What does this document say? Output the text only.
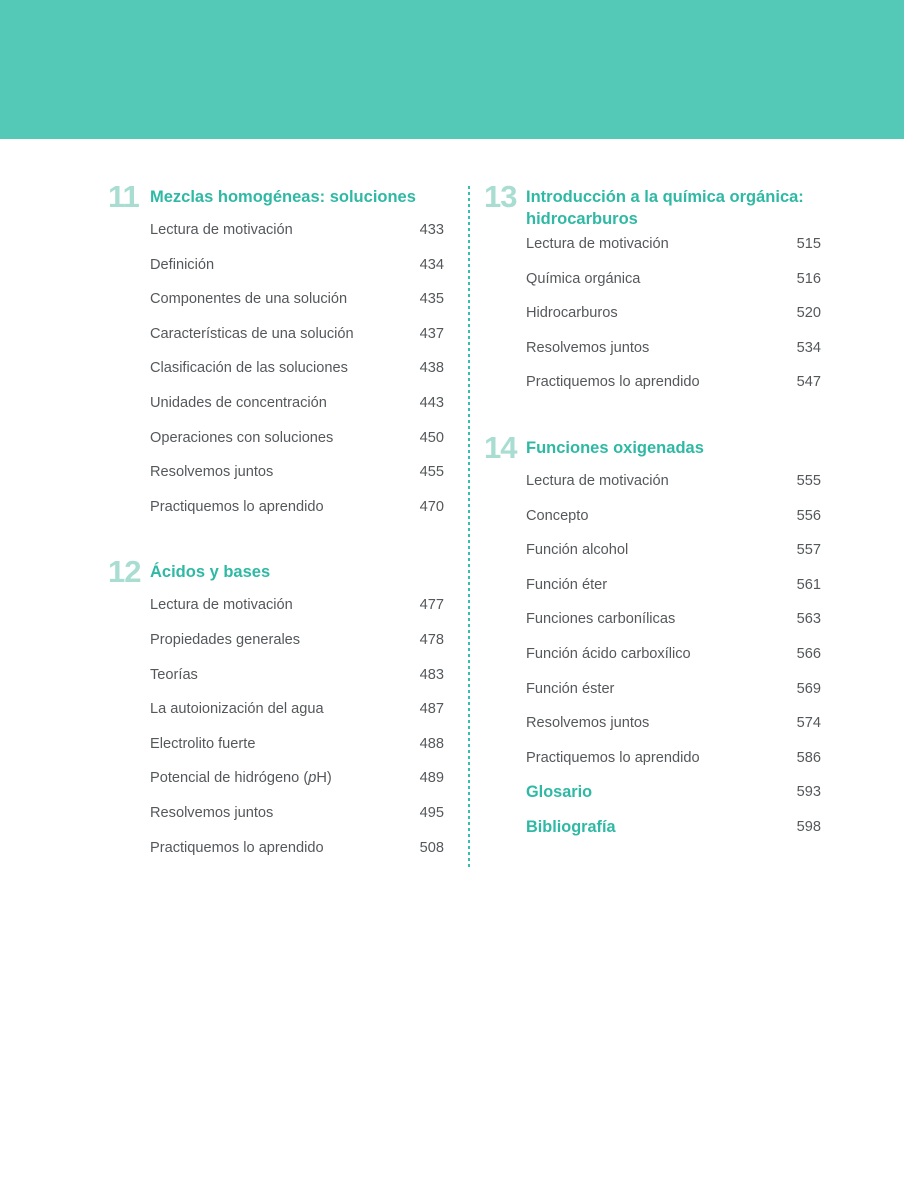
11 Mezclas homogéneas: soluciones
Lectura de motivación	433
Definición	434
Componentes de una solución	435
Características de una solución	437
Clasificación de las soluciones	438
Unidades de concentración	443
Operaciones con soluciones	450
Resolvemos juntos	455
Practiquemos lo aprendido	470
12 Ácidos y bases
Lectura de motivación	477
Propiedades generales	478
Teorías	483
La autoionización del agua	487
Electrolito fuerte	488
Potencial de hidrógeno (pH)	489
Resolvemos juntos	495
Practiquemos lo aprendido	508
13 Introducción a la química orgánica: hidrocarburos
Lectura de motivación	515
Química orgánica	516
Hidrocarburos	520
Resolvemos juntos	534
Practiquemos lo aprendido	547
14 Funciones oxigenadas
Lectura de motivación	555
Concepto	556
Función alcohol	557
Función éter	561
Funciones carbonílicas	563
Función ácido carboxílico	566
Función éster	569
Resolvemos juntos	574
Practiquemos lo aprendido	586
Glosario	593
Bibliografía	598
